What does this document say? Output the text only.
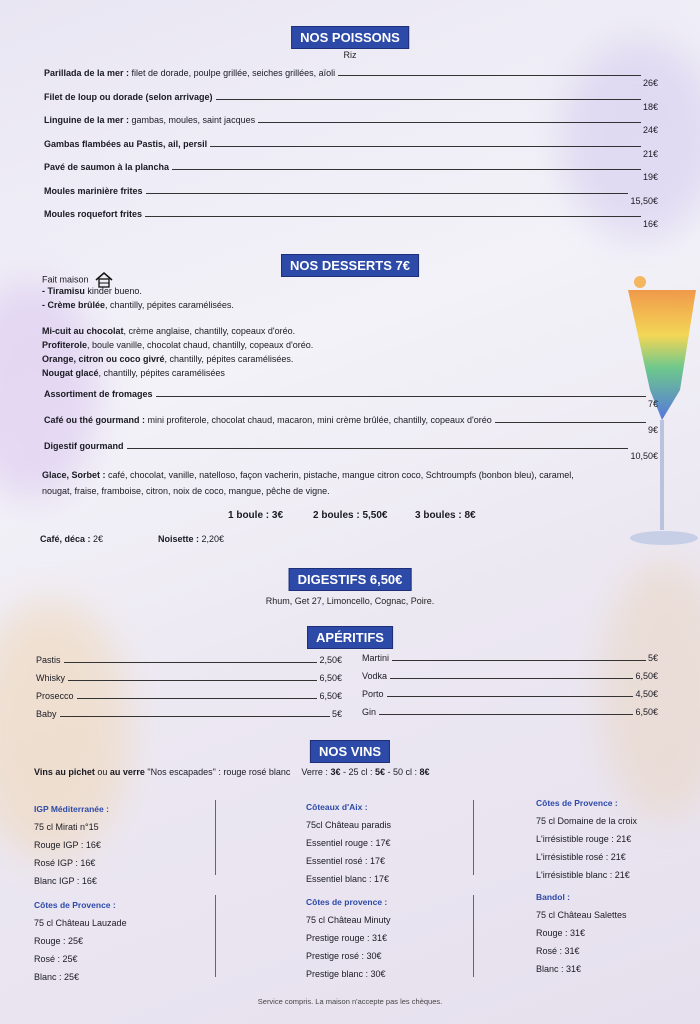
NOS POISSONS
Riz
Parillada de la mer : filet de dorade, poulpe grillée, seiches grillées, aïoli
26€
Filet de loup ou dorade (selon arrivage)
18€
Linguine de la mer : gambas, moules, saint jacques
24€
Gambas flambées au Pastis, ail, persil
21€
Pavé de saumon à la plancha
19€
Moules marinière frites
15,50€
Moules roquefort frites
16€
NOS DESSERTS 7€
Fait maison
- Tiramisu kinder bueno.
- Crème brûlée, chantilly, pépites caramélisées.
Mi-cuit au chocolat, crème anglaise, chantilly, copeaux d'oréo.
Profiterole, boule vanille, chocolat chaud, chantilly, copeaux d'oréo.
Orange, citron ou coco givré, chantilly, pépites caramélisées.
Nougat glacé, chantilly, pépites caramélisées
Assortiment de fromages
7€
Café ou thé gourmand : mini profiterole, chocolat chaud, macaron, mini crème brûlée, chantilly, copeaux d'oréo
9€
Digestif gourmand
10,50€
Glace, Sorbet : café, chocolat, vanille, natelloso, façon vacherin, pistache, mangue citron coco, Schtroumpfs (bonbon bleu), caramel,
nougat, fraise, framboise, citron, noix de coco, mangue, pêche de vigne.
1 boule : 3€	2 boules : 5,50€	3 boules : 8€
Café, déca : 2€	Noisette : 2,20€
DIGESTIFS 6,50€
Rhum, Get 27, Limoncello, Cognac, Poire.
APÉRITIFS
Pastis	2,50€
Whisky	6,50€
Prosecco	6,50€
Baby	5€
Martini	5€
Vodka	6,50€
Porto	4,50€
Gin	6,50€
NOS VINS
Vins au pichet ou au verre "Nos escapades" : rouge rosé blanc Verre : 3€ - 25 cl : 5€ - 50 cl : 8€
IGP Méditerranée :
75 cl Mirati n°15
Rouge IGP : 16€
Rosé IGP : 16€
Blanc IGP : 16€
Côteaux d'Aix :
75cl Château paradis
Essentiel rouge : 17€
Essentiel rosé : 17€
Essentiel blanc : 17€
Côtes de Provence :
75 cl Domaine de la croix
L'irrésistible rouge : 21€
L'irrésistible rosé : 21€
L'irrésistible blanc : 21€
Côtes de Provence :
75 cl Château Lauzade
Rouge : 25€
Rosé : 25€
Blanc : 25€
Côtes de provence :
75 cl Château Minuty
Prestige rouge : 31€
Prestige rosé : 30€
Prestige blanc : 30€
Bandol :
75 cl Château Salettes
Rouge : 31€
Rosé : 31€
Blanc : 31€
Service compris. La maison n'accepte pas les chèques.
